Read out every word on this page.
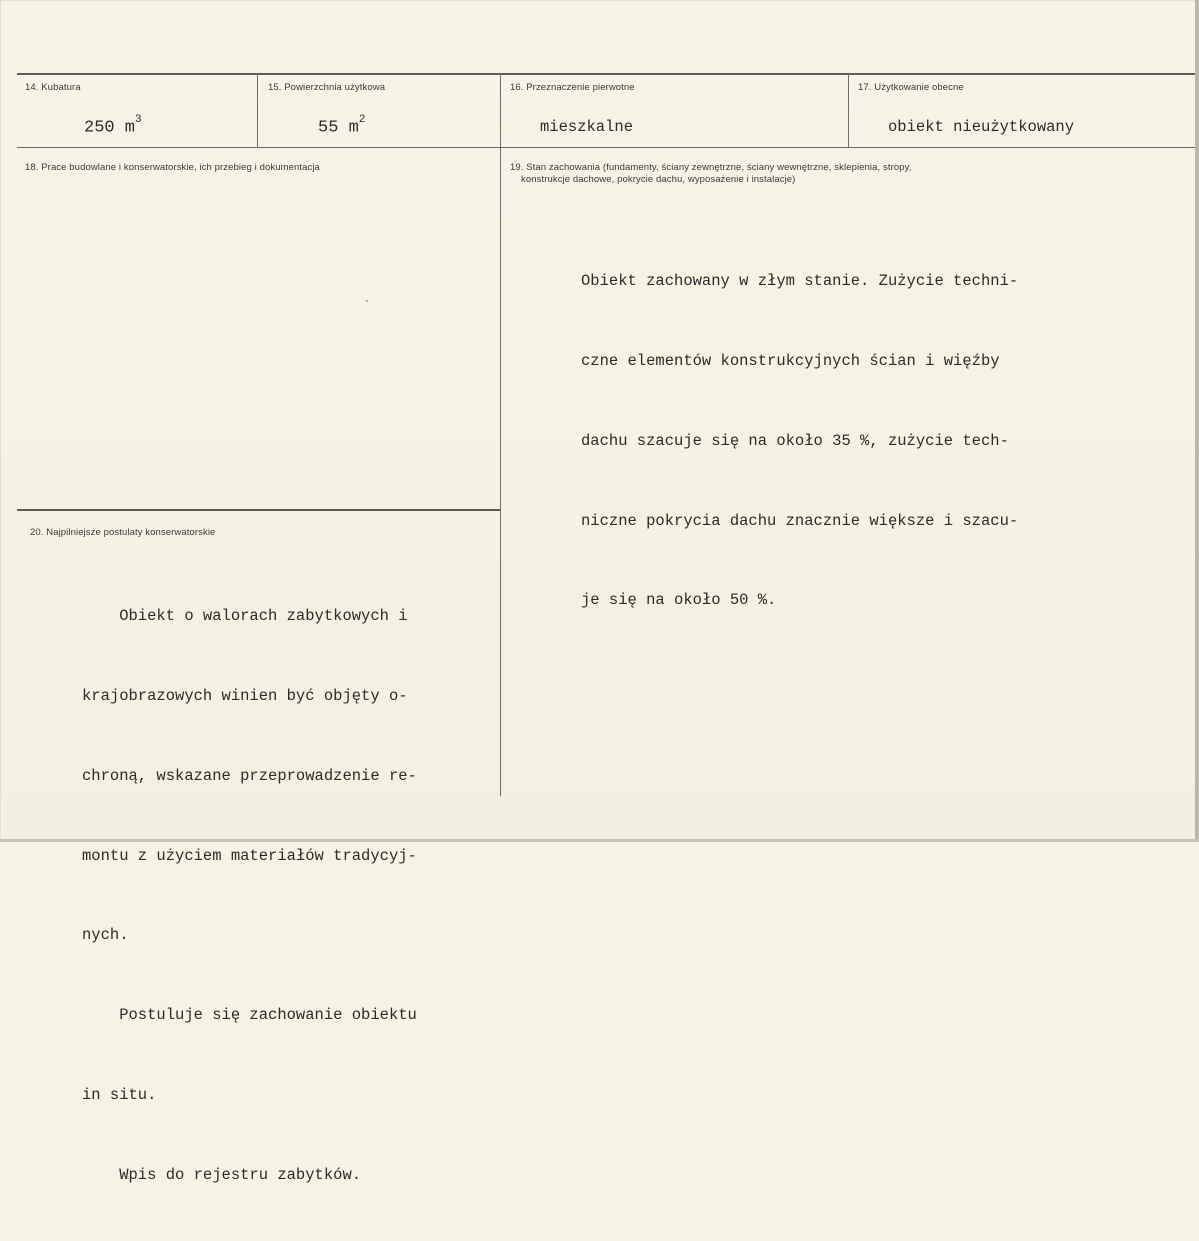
14. Kubatura
250 $m^3$
15. Powierzchnia użytkowa
55 $m^2$
16. Przeznaczenie pierwotne
mieszkalne
17. Użytkowanie obecne
obiekt nieużytkowany
18. Prace budowlane i konserwatorskie, ich przebieg i dokumentacja	19. Stan zachowania (fundamenty, ściany zewnętrzne, ściany wewnętrzne, sklepienia, stropy,
konstrukcje dachowe, pokrycie dachu, wyposażenie i instalacje)

Obiekt zachowany w złym stanie. Zużycie techni-

czne elementów konstrukcyjnych ścian i więźby

dachu szacuje się na około 35 %, zużycie tech-

niczne pokrycia dachu znacznie większe i szacu-

je się na około 50 %.

20. Najpilniejsze postulaty konserwatorskie

Obiekt o walorach zabytkowych i

krajobrazowych winien być objęty o-

chroną, wskazane przeprowadzenie re-

montu z użyciem materiałów tradycyj-

nych.

Postuluje się zachowanie obiektu

in situ.

Wpis do rejestru zabytków.
